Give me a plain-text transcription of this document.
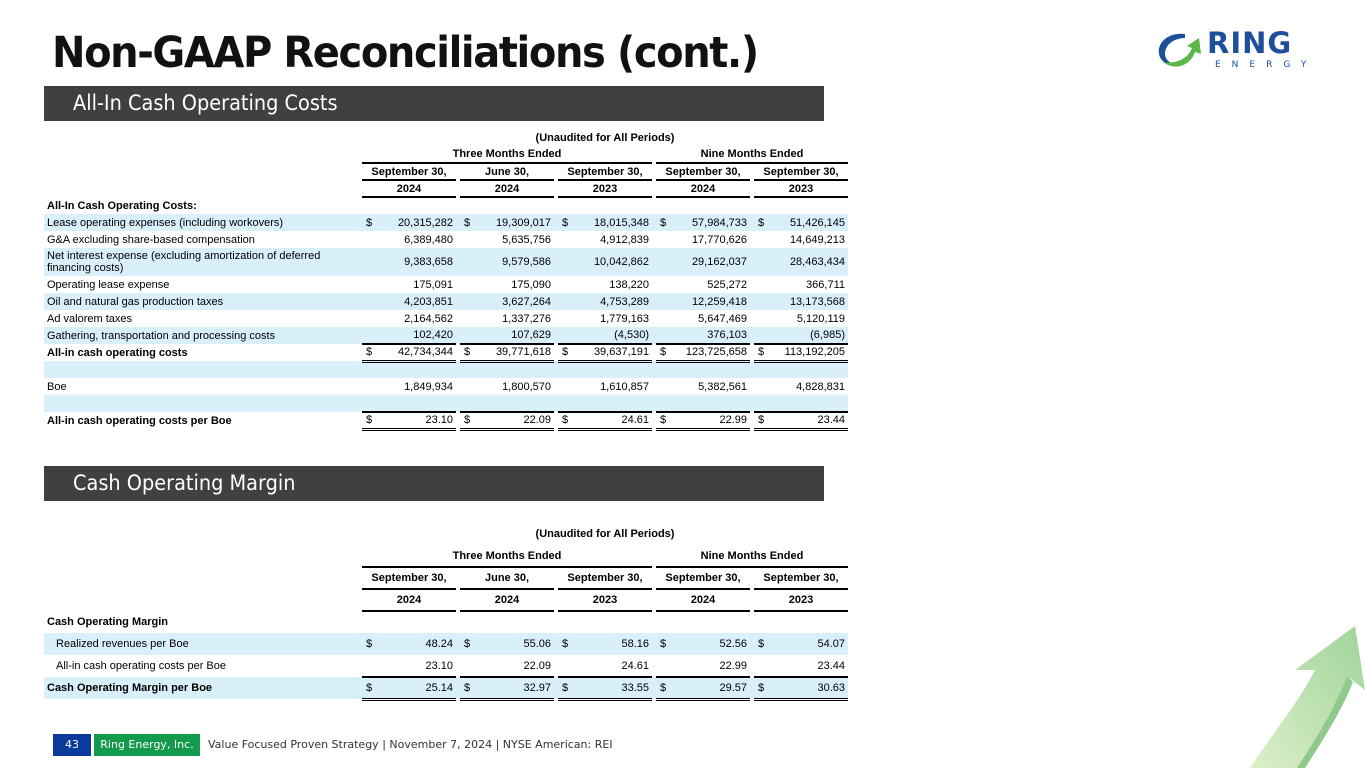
Non-GAAP Reconciliations (cont.)	RING
ENERGY
All-In Cash Operating Costs
	(Unaudited for All Periods)													
	Three Months Ended									Nine Months Ended				
	September 30,			June 30,			September 30,			September 30,			September 30,	
	2024			2024			2023			2024			2023	
All-In Cash Operating Costs:														
Lease operating expenses (including workovers)	$	20,315,282		$	19,309,017		$	18,015,348		$	57,984,733		$	51,426,145
G&A excluding share-based compensation		6,389,480			5,635,756			4,912,839			17,770,626			14,649,213
Net interest expense (excluding amortization of deferred financing costs)		9,383,658			9,579,586			10,042,862			29,162,037			28,463,434
Operating lease expense		175,091			175,090			138,220			525,272			366,711
Oil and natural gas production taxes		4,203,851			3,627,264			4,753,289			12,259,418			13,173,568
Ad valorem taxes		2,164,562			1,337,276			1,779,163			5,647,469			5,120,119
Gathering, transportation and processing costs		102,420			107,629			(4,530)			376,103			(6,985)
All-in cash operating costs	$	42,734,344		$	39,771,618		$	39,637,191		$	123,725,658		$	113,192,205

Boe		1,849,934			1,800,570			1,610,857			5,382,561			4,828,831

All-in cash operating costs per Boe	$	23.10		$	22.09		$	24.61		$	22.99		$	23.44
Cash Operating Margin
	(Unaudited for All Periods)													
	Three Months Ended									Nine Months Ended				
	September 30,			June 30,			September 30,			September 30,			September 30,	
	2024			2024			2023			2024			2023	
Cash Operating Margin														
Realized revenues per Boe	$	48.24		$	55.06		$	58.16		$	52.56		$	54.07
All-in cash operating costs per Boe		23.10			22.09			24.61			22.99			23.44
Cash Operating Margin per Boe	$	25.14		$	32.97		$	33.55		$	29.57		$	30.63
43	Ring Energy, Inc.	Value Focused Proven Strategy | November 7, 2024 | NYSE American: REI
